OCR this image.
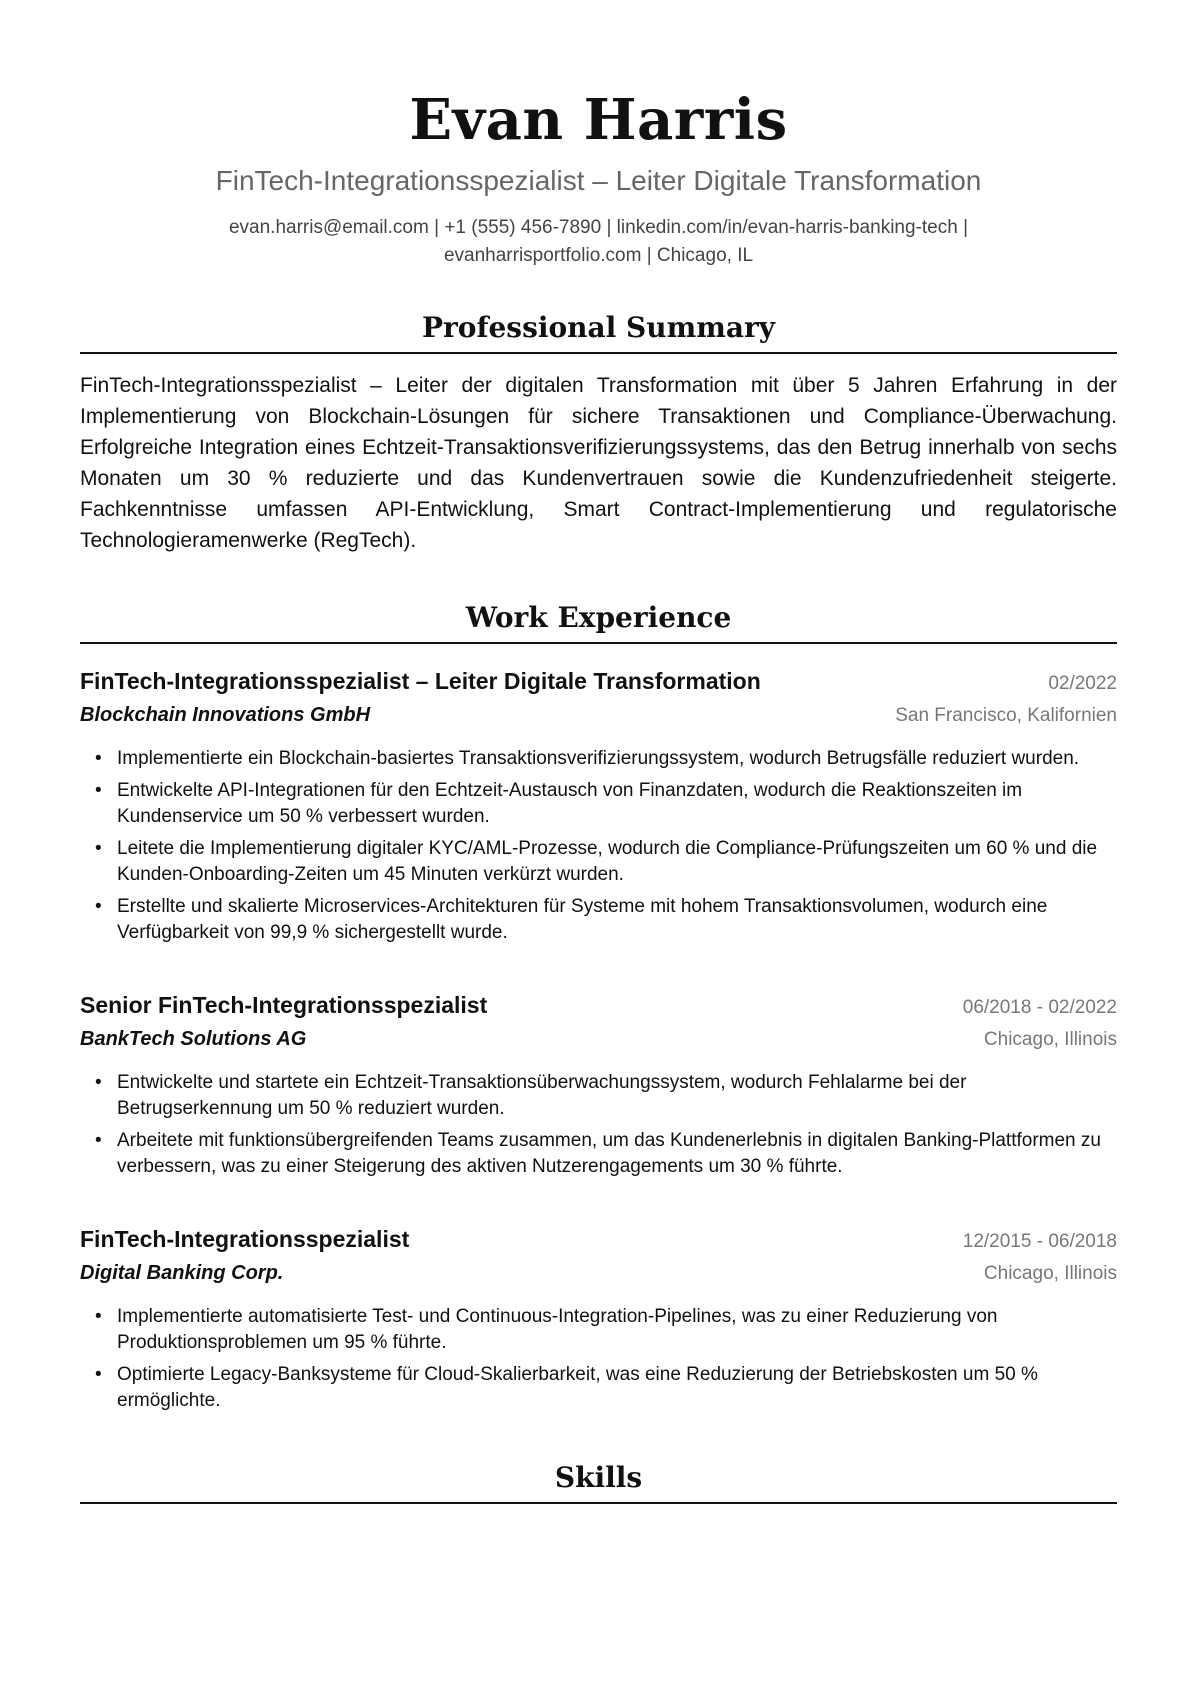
Evan Harris
FinTech-Integrationsspezialist – Leiter Digitale Transformation
evan.harris@email.com | +1 (555) 456-7890 | linkedin.com/in/evan-harris-banking-tech | evanharrisportfolio.com | Chicago, IL
Professional Summary
FinTech-Integrationsspezialist – Leiter der digitalen Transformation mit über 5 Jahren Erfahrung in der Implementierung von Blockchain-Lösungen für sichere Transaktionen und Compliance-Überwachung. Erfolgreiche Integration eines Echtzeit-Transaktionsverifizierungssystems, das den Betrug innerhalb von sechs Monaten um 30 % reduzierte und das Kundenvertrauen sowie die Kundenzufriedenheit steigerte. Fachkenntnisse umfassen API-Entwicklung, Smart Contract-Implementierung und regulatorische Technologieramenwerke (RegTech).
Work Experience
FinTech-Integrationsspezialist – Leiter Digitale Transformation	02/2022
Blockchain Innovations GmbH	San Francisco, Kalifornien
• Implementierte ein Blockchain-basiertes Transaktionsverifizierungssystem, wodurch Betrugsfälle reduziert wurden.
• Entwickelte API-Integrationen für den Echtzeit-Austausch von Finanzdaten, wodurch die Reaktionszeiten im Kundenservice um 50 % verbessert wurden.
• Leitete die Implementierung digitaler KYC/AML-Prozesse, wodurch die Compliance-Prüfungszeiten um 60 % und die Kunden-Onboarding-Zeiten um 45 Minuten verkürzt wurden.
• Erstellte und skalierte Microservices-Architekturen für Systeme mit hohem Transaktionsvolumen, wodurch eine Verfügbarkeit von 99,9 % sichergestellt wurde.
Senior FinTech-Integrationsspezialist	06/2018 - 02/2022
BankTech Solutions AG	Chicago, Illinois
• Entwickelte und startete ein Echtzeit-Transaktionsüberwachungssystem, wodurch Fehlalarme bei der Betrugserkennung um 50 % reduziert wurden.
• Arbeitete mit funktionsübergreifenden Teams zusammen, um das Kundenerlebnis in digitalen Banking-Plattformen zu verbessern, was zu einer Steigerung des aktiven Nutzerengagements um 30 % führte.
FinTech-Integrationsspezialist	12/2015 - 06/2018
Digital Banking Corp.	Chicago, Illinois
• Implementierte automatisierte Test- und Continuous-Integration-Pipelines, was zu einer Reduzierung von Produktionsproblemen um 95 % führte.
• Optimierte Legacy-Banksysteme für Cloud-Skalierbarkeit, was eine Reduzierung der Betriebskosten um 50 % ermöglichte.
Skills
